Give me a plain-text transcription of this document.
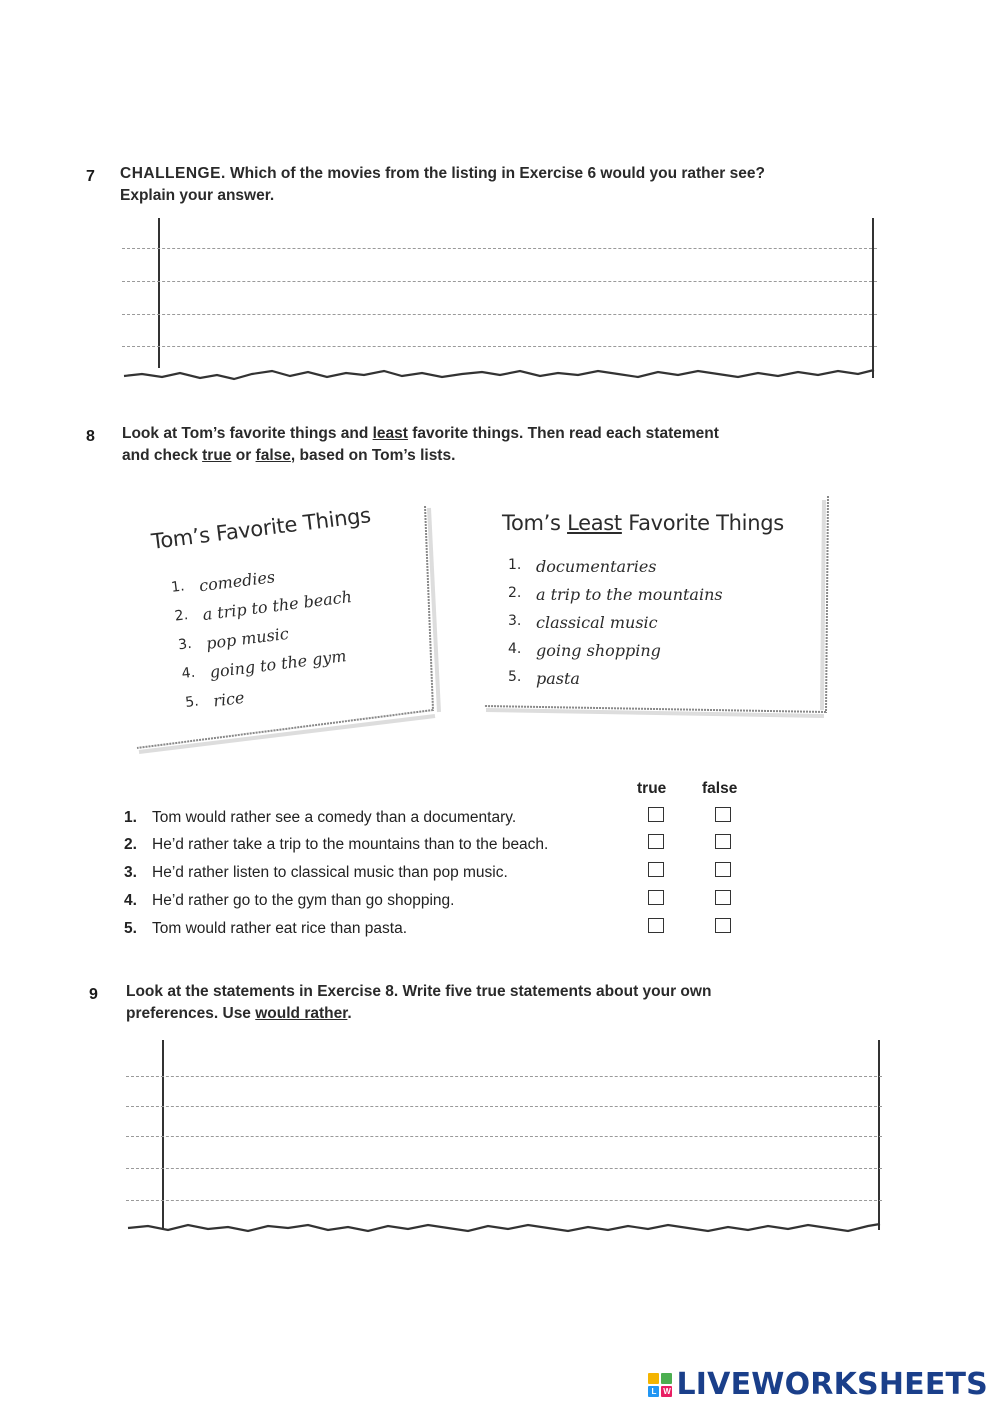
7 CHALLENGE. Which of the movies from the listing in Exercise 6 would you rather see?
Explain your answer.
8 Look at Tom’s favorite things and least favorite things. Then read each statement
and check true or false, based on Tom’s lists.
Tom’s Favorite Things
1. comedies
2. a trip to the beach
3. pop music
4. going to the gym
5. rice
Tom’s Least Favorite Things
1. documentaries
2. a trip to the mountains
3. classical music
4. going shopping
5. pasta
true false
1. Tom would rather see a comedy than a documentary.
2. He’d rather take a trip to the mountains than to the beach.
3. He’d rather listen to classical music than pop music.
4. He’d rather go to the gym than go shopping.
5. Tom would rather eat rice than pasta.
9 Look at the statements in Exercise 8. Write five true statements about your own
preferences. Use would rather.
L W LIVEWORKSHEETS
